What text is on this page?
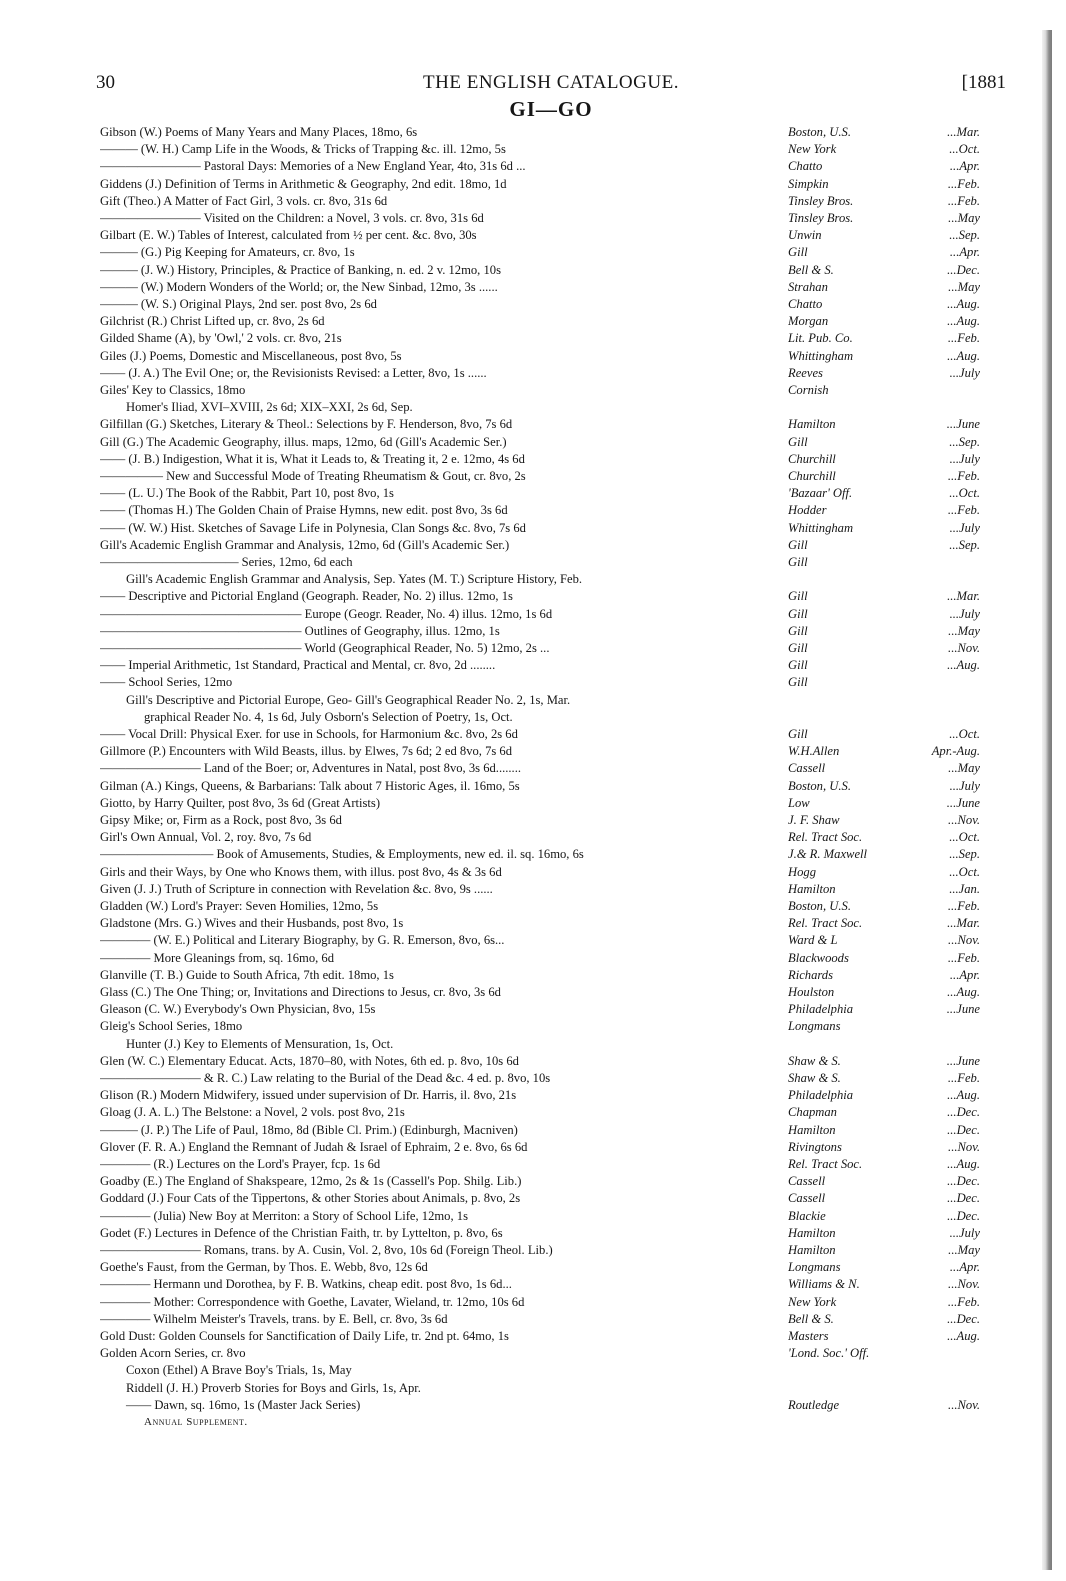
30	THE ENGLISH CATALOGUE.	[1881
GI—GO
Gibson (W.) Poems of Many Years and Many Places, 18mo, 6s	Boston, U.S.	...Mar.
——— (W. H.) Camp Life in the Woods, & Tricks of Trapping &c. ill. 12mo, 5s	New York	...Oct.
———————— Pastoral Days: Memories of a New England Year, 4to, 31s 6d ...	Chatto	...Apr.
Giddens (J.) Definition of Terms in Arithmetic & Geography, 2nd edit. 18mo, 1d	Simpkin	...Feb.
Gift (Theo.) A Matter of Fact Girl, 3 vols. cr. 8vo, 31s 6d	Tinsley Bros.	...Feb.
———————— Visited on the Children: a Novel, 3 vols. cr. 8vo, 31s 6d	Tinsley Bros.	...May
Gilbart (E. W.) Tables of Interest, calculated from ½ per cent. &c. 8vo, 30s	Unwin	...Sep.
——— (G.) Pig Keeping for Amateurs, cr. 8vo, 1s	Gill	...Apr.
——— (J. W.) History, Principles, & Practice of Banking, n. ed. 2 v. 12mo, 10s	Bell & S.	...Dec.
——— (W.) Modern Wonders of the World; or, the New Sinbad, 12mo, 3s ......	Strahan	...May
——— (W. S.) Original Plays, 2nd ser. post 8vo, 2s 6d	Chatto	...Aug.
Gilchrist (R.) Christ Lifted up, cr. 8vo, 2s 6d	Morgan	...Aug.
Gilded Shame (A), by 'Owl,' 2 vols. cr. 8vo, 21s	Lit. Pub. Co.	...Feb.
Giles (J.) Poems, Domestic and Miscellaneous, post 8vo, 5s	Whittingham	...Aug.
—— (J. A.) The Evil One; or, the Revisionists Revised: a Letter, 8vo, 1s ......	Reeves	...July
Giles' Key to Classics, 18mo	Cornish
Homer's Iliad, XVI–XVIII, 2s 6d; XIX–XXI, 2s 6d, Sep.
Gilfillan (G.) Sketches, Literary & Theol.: Selections by F. Henderson, 8vo, 7s 6d	Hamilton	...June
Gill (G.) The Academic Geography, illus. maps, 12mo, 6d (Gill's Academic Ser.)	Gill	...Sep.
—— (J. B.) Indigestion, What it is, What it Leads to, & Treating it, 2 e. 12mo, 4s 6d	Churchill	...July
————— New and Successful Mode of Treating Rheumatism & Gout, cr. 8vo, 2s	Churchill	...Feb.
—— (L. U.) The Book of the Rabbit, Part 10, post 8vo, 1s	'Bazaar' Off.	...Oct.
—— (Thomas H.) The Golden Chain of Praise Hymns, new edit. post 8vo, 3s 6d	Hodder	...Feb.
—— (W. W.) Hist. Sketches of Savage Life in Polynesia, Clan Songs &c. 8vo, 7s 6d	Whittingham	...July
Gill's Academic English Grammar and Analysis, 12mo, 6d (Gill's Academic Ser.)	Gill	...Sep.
——————————— Series, 12mo, 6d each	Gill
Gill's Academic English Grammar and Analysis, Sep. Yates (M. T.) Scripture History, Feb.
—— Descriptive and Pictorial England (Geograph. Reader, No. 2) illus. 12mo, 1s	Gill	...Mar.
———————————————— Europe (Geogr. Reader, No. 4) illus. 12mo, 1s 6d	Gill	...July
———————————————— Outlines of Geography, illus. 12mo, 1s	Gill	...May
———————————————— World (Geographical Reader, No. 5) 12mo, 2s ...	Gill	...Nov.
—— Imperial Arithmetic, 1st Standard, Practical and Mental, cr. 8vo, 2d ........	Gill	...Aug.
—— School Series, 12mo	Gill
Gill's Descriptive and Pictorial Europe, Geo- Gill's Geographical Reader No. 2, 1s, Mar.
graphical Reader No. 4, 1s 6d, July Osborn's Selection of Poetry, 1s, Oct.
—— Vocal Drill: Physical Exer. for use in Schools, for Harmonium &c. 8vo, 2s 6d	Gill	...Oct.
Gillmore (P.) Encounters with Wild Beasts, illus. by Elwes, 7s 6d; 2 ed 8vo, 7s 6d	W.H.Allen	Apr.-Aug.
———————— Land of the Boer; or, Adventures in Natal, post 8vo, 3s 6d........	Cassell	...May
Gilman (A.) Kings, Queens, & Barbarians: Talk about 7 Historic Ages, il. 16mo, 5s	Boston, U.S.	...July
Giotto, by Harry Quilter, post 8vo, 3s 6d (Great Artists)	Low	...June
Gipsy Mike; or, Firm as a Rock, post 8vo, 3s 6d	J. F. Shaw	...Nov.
Girl's Own Annual, Vol. 2, roy. 8vo, 7s 6d	Rel. Tract Soc.	...Oct.
————————— Book of Amusements, Studies, & Employments, new ed. il. sq. 16mo, 6s	J.& R. Maxwell	...Sep.
Girls and their Ways, by One who Knows them, with illus. post 8vo, 4s & 3s 6d	Hogg	...Oct.
Given (J. J.) Truth of Scripture in connection with Revelation &c. 8vo, 9s ......	Hamilton	...Jan.
Gladden (W.) Lord's Prayer: Seven Homilies, 12mo, 5s	Boston, U.S.	...Feb.
Gladstone (Mrs. G.) Wives and their Husbands, post 8vo, 1s	Rel. Tract Soc.	...Mar.
———— (W. E.) Political and Literary Biography, by G. R. Emerson, 8vo, 6s...	Ward & L	...Nov.
———— More Gleanings from, sq. 16mo, 6d	Blackwoods	...Feb.
Glanville (T. B.) Guide to South Africa, 7th edit. 18mo, 1s	Richards	...Apr.
Glass (C.) The One Thing; or, Invitations and Directions to Jesus, cr. 8vo, 3s 6d	Houlston	...Aug.
Gleason (C. W.) Everybody's Own Physician, 8vo, 15s	Philadelphia	...June
Gleig's School Series, 18mo	Longmans
Hunter (J.) Key to Elements of Mensuration, 1s, Oct.
Glen (W. C.) Elementary Educat. Acts, 1870–80, with Notes, 6th ed. p. 8vo, 10s 6d	Shaw & S.	...June
———————— & R. C.) Law relating to the Burial of the Dead &c. 4 ed. p. 8vo, 10s	Shaw & S.	...Feb.
Glison (R.) Modern Midwifery, issued under supervision of Dr. Harris, il. 8vo, 21s	Philadelphia	...Aug.
Gloag (J. A. L.) The Belstone: a Novel, 2 vols. post 8vo, 21s	Chapman	...Dec.
——— (J. P.) The Life of Paul, 18mo, 8d (Bible Cl. Prim.) (Edinburgh, Macniven)	Hamilton	...Dec.
Glover (F. R. A.) England the Remnant of Judah & Israel of Ephraim, 2 e. 8vo, 6s 6d	Rivingtons	...Nov.
———— (R.) Lectures on the Lord's Prayer, fcp. 1s 6d	Rel. Tract Soc.	...Aug.
Goadby (E.) The England of Shakspeare, 12mo, 2s & 1s (Cassell's Pop. Shilg. Lib.)	Cassell	...Dec.
Goddard (J.) Four Cats of the Tippertons, & other Stories about Animals, p. 8vo, 2s	Cassell	...Dec.
———— (Julia) New Boy at Merriton: a Story of School Life, 12mo, 1s	Blackie	...Dec.
Godet (F.) Lectures in Defence of the Christian Faith, tr. by Lyttelton, p. 8vo, 6s	Hamilton	...July
———————— Romans, trans. by A. Cusin, Vol. 2, 8vo, 10s 6d (Foreign Theol. Lib.)	Hamilton	...May
Goethe's Faust, from the German, by Thos. E. Webb, 8vo, 12s 6d	Longmans	...Apr.
———— Hermann und Dorothea, by F. B. Watkins, cheap edit. post 8vo, 1s 6d...	Williams & N.	...Nov.
———— Mother: Correspondence with Goethe, Lavater, Wieland, tr. 12mo, 10s 6d	New York	...Feb.
———— Wilhelm Meister's Travels, trans. by E. Bell, cr. 8vo, 3s 6d	Bell & S.	...Dec.
Gold Dust: Golden Counsels for Sanctification of Daily Life, tr. 2nd pt. 64mo, 1s	Masters	...Aug.
Golden Acorn Series, cr. 8vo	'Lond. Soc.' Off.
Coxon (Ethel) A Brave Boy's Trials, 1s, May
Riddell (J. H.) Proverb Stories for Boys and Girls, 1s, Apr.
—— Dawn, sq. 16mo, 1s (Master Jack Series)	Routledge	...Nov.
Annual Supplement.
